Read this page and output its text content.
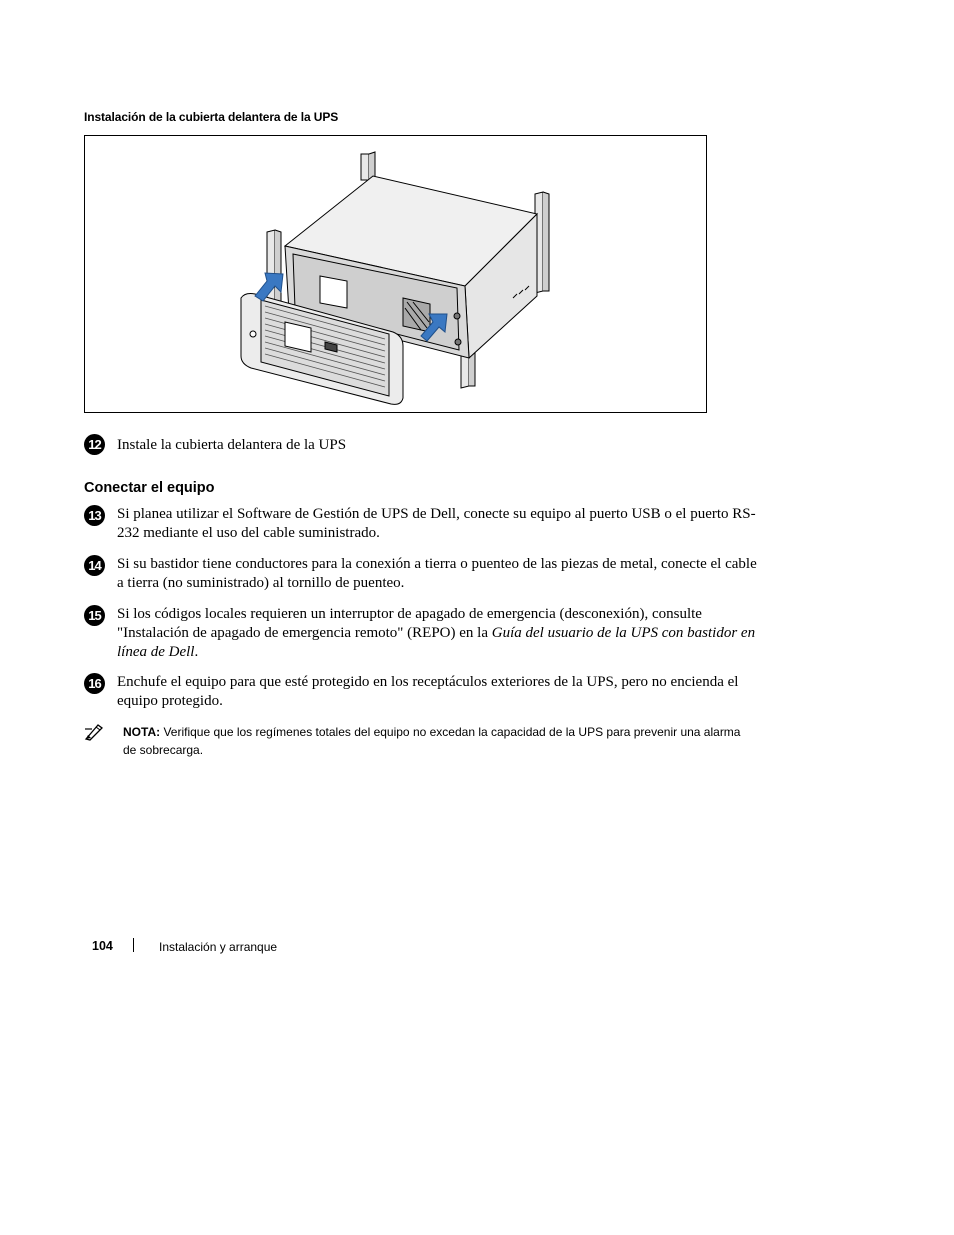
Instalación de la cubierta delantera de la UPS
12 Instale la cubierta delantera de la UPS
Conectar el equipo
13 Si planea utilizar el Software de Gestión de UPS de Dell, conecte su equipo al puerto USB o el puerto RS-232 mediante el uso del cable suministrado.
14 Si su bastidor tiene conductores para la conexión a tierra o puenteo de las piezas de metal, conecte el cable a tierra (no suministrado) al tornillo de puenteo.
15 Si los códigos locales requieren un interruptor de apagado de emergencia (desconexión), consulte "Instalación de apagado de emergencia remoto" (REPO) en la Guía del usuario de la UPS con bastidor en línea de Dell.
16 Enchufe el equipo para que esté protegido en los receptáculos exteriores de la UPS, pero no encienda el equipo protegido.
NOTA: Verifique que los regímenes totales del equipo no excedan la capacidad de la UPS para prevenir una alarma de sobrecarga.
104	Instalación y arranque
